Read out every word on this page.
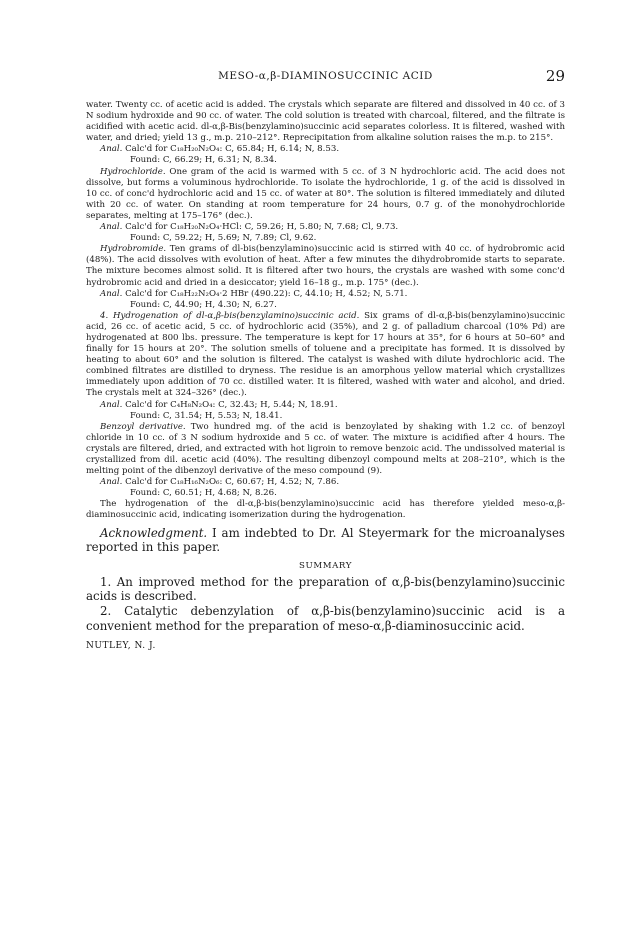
MESO-α,β-DIAMINOSUCCINIC ACID	29

water. Twenty cc. of acetic acid is added. The crystals which separate are filtered and dissolved in 40 cc. of 3 N sodium hydroxide and 90 cc. of water. The cold solution is treated with charcoal, filtered, and the filtrate is acidified with acetic acid. dl-α,β-Bis(benzylamino)succinic acid separates colorless. It is filtered, washed with water, and dried; yield 13 g., m.p. 210–212°. Reprecipitation from alkaline solution raises the m.p. to 215°.

Anal. Calc'd for C₁₈H₂₀N₂O₄: C, 65.84; H, 6.14; N, 8.53.

Found: C, 66.29; H, 6.31; N, 8.34.

Hydrochloride. One gram of the acid is warmed with 5 cc. of 3 N hydrochloric acid. The acid does not dissolve, but forms a voluminous hydrochloride. To isolate the hydrochloride, 1 g. of the acid is dissolved in 10 cc. of conc'd hydrochloric acid and 15 cc. of water at 80°. The solution is filtered immediately and diluted with 20 cc. of water. On standing at room temperature for 24 hours, 0.7 g. of the monohydrochloride separates, melting at 175–176° (dec.).

Anal. Calc'd for C₁₈H₂₀N₂O₄·HCl: C, 59.26; H, 5.80; N, 7.68; Cl, 9.73.

Found: C, 59.22; H, 5.69; N, 7.89; Cl, 9.62.

Hydrobromide. Ten grams of dl-bis(benzylamino)succinic acid is stirred with 40 cc. of hydrobromic acid (48%). The acid dissolves with evolution of heat. After a few minutes the dihydrobromide starts to separate. The mixture becomes almost solid. It is filtered after two hours, the crystals are washed with some conc'd hydrobromic acid and dried in a desiccator; yield 16–18 g., m.p. 175° (dec.).

Anal. Calc'd for C₁₈H₂₂N₂O₄·2 HBr (490.22): C, 44.10; H, 4.52; N, 5.71.

Found: C, 44.90; H, 4.30; N, 6.27.

4. Hydrogenation of dl-α,β-bis(benzylamino)succinic acid. Six grams of dl-α,β-bis(benzylamino)succinic acid, 26 cc. of acetic acid, 5 cc. of hydrochloric acid (35%), and 2 g. of palladium charcoal (10% Pd) are hydrogenated at 800 lbs. pressure. The temperature is kept for 17 hours at 35°, for 6 hours at 50–60° and finally for 15 hours at 20°. The solution smells of toluene and a precipitate has formed. It is dissolved by heating to about 60° and the solution is filtered. The catalyst is washed with dilute hydrochloric acid. The combined filtrates are distilled to dryness. The residue is an amorphous yellow material which crystallizes immediately upon addition of 70 cc. distilled water. It is filtered, washed with water and alcohol, and dried. The crystals melt at 324–326° (dec.).

Anal. Calc'd for C₄H₈N₂O₄: C, 32.43; H, 5.44; N, 18.91.

Found: C, 31.54; H, 5.53; N, 18.41.

Benzoyl derivative. Two hundred mg. of the acid is benzoylated by shaking with 1.2 cc. of benzoyl chloride in 10 cc. of 3 N sodium hydroxide and 5 cc. of water. The mixture is acidified after 4 hours. The crystals are filtered, dried, and extracted with hot ligroin to remove benzoic acid. The undissolved material is crystallized from dil. acetic acid (40%). The resulting dibenzoyl compound melts at 208–210°, which is the melting point of the dibenzoyl derivative of the meso compound (9).

Anal. Calc'd for C₁₈H₁₆N₂O₆: C, 60.67; H, 4.52; N, 7.86.

Found: C, 60.51; H, 4.68; N, 8.26.

The hydrogenation of the dl-α,β-bis(benzylamino)succinic acid has therefore yielded meso-α,β-diaminosuccinic acid, indicating isomerization during the hydrogenation.

Acknowledgment. I am indebted to Dr. Al Steyermark for the microanalyses reported in this paper.

SUMMARY

1. An improved method for the preparation of α,β-bis(benzylamino)succinic acids is described.

2. Catalytic debenzylation of α,β-bis(benzylamino)succinic acid is a convenient method for the preparation of meso-α,β-diaminosuccinic acid.

NUTLEY, N. J.
